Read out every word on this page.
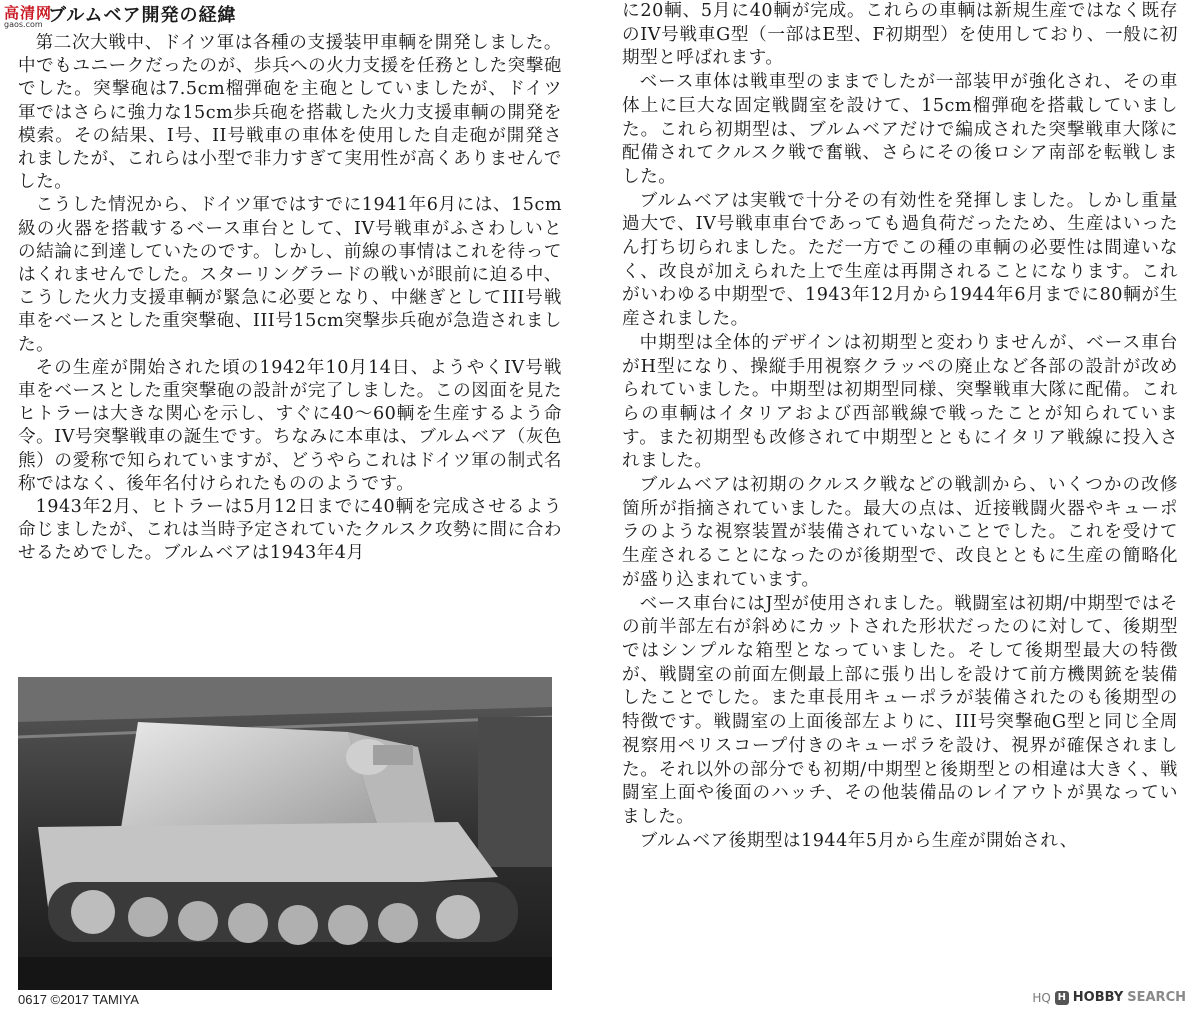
高清网
gaos.com ブルムベア開発の経緯

第二次大戦中、ドイツ軍は各種の支援装甲車輌を開発しました。中でもユニークだったのが、歩兵への火力支援を任務とした突撃砲でした。突撃砲は7.5cm榴弾砲を主砲としていましたが、ドイツ軍ではさらに強力な15cm歩兵砲を搭載した火力支援車輌の開発を模索。その結果、I号、II号戦車の車体を使用した自走砲が開発されましたが、これらは小型で非力すぎて実用性が高くありませんでした。

こうした情況から、ドイツ軍ではすでに1941年6月には、15cm級の火器を搭載するベース車台として、IV号戦車がふさわしいとの結論に到達していたのです。しかし、前線の事情はこれを待ってはくれませんでした。スターリングラードの戦いが眼前に迫る中、こうした火力支援車輌が緊急に必要となり、中継ぎとしてIII号戦車をベースとした重突撃砲、III号15cm突撃歩兵砲が急造されました。

その生産が開始された頃の1942年10月14日、ようやくIV号戦車をベースとした重突撃砲の設計が完了しました。この図面を見たヒトラーは大きな関心を示し、すぐに40～60輌を生産するよう命令。IV号突撃戦車の誕生です。ちなみに本車は、ブルムベア（灰色熊）の愛称で知られていますが、どうやらこれはドイツ軍の制式名称ではなく、後年名付けられたもののようです。

1943年2月、ヒトラーは5月12日までに40輌を完成させるよう命じましたが、これは当時予定されていたクルスク攻勢に間に合わせるためでした。ブルムベアは1943年4月

に20輌、5月に40輌が完成。これらの車輌は新規生産ではなく既存のIV号戦車G型（一部はE型、F初期型）を使用しており、一般に初期型と呼ばれます。

ベース車体は戦車型のままでしたが一部装甲が強化され、その車体上に巨大な固定戦闘室を設けて、15cm榴弾砲を搭載していました。これら初期型は、ブルムベアだけで編成された突撃戦車大隊に配備されてクルスク戦で奮戦、さらにその後ロシア南部を転戦しました。

ブルムベアは実戦で十分その有効性を発揮しました。しかし重量過大で、IV号戦車車台であっても過負荷だったため、生産はいったん打ち切られました。ただ一方でこの種の車輌の必要性は間違いなく、改良が加えられた上で生産は再開されることになります。これがいわゆる中期型で、1943年12月から1944年6月までに80輌が生産されました。

中期型は全体的デザインは初期型と変わりませんが、ベース車台がH型になり、操縦手用視察クラッペの廃止など各部の設計が改められていました。中期型は初期型同様、突撃戦車大隊に配備。これらの車輌はイタリアおよび西部戦線で戦ったことが知られています。また初期型も改修されて中期型とともにイタリア戦線に投入されました。

ブルムベアは初期のクルスク戦などの戦訓から、いくつかの改修箇所が指摘されていました。最大の点は、近接戦闘火器やキューポラのような視察装置が装備されていないことでした。これを受けて生産されることになったのが後期型で、改良とともに生産の簡略化が盛り込まれています。

ベース車台にはJ型が使用されました。戦闘室は初期/中期型ではその前半部左右が斜めにカットされた形状だったのに対して、後期型ではシンプルな箱型となっていました。そして後期型最大の特徴が、戦闘室の前面左側最上部に張り出しを設けて前方機関銃を装備したことでした。また車長用キューポラが装備されたのも後期型の特徴です。戦闘室の上面後部左よりに、III号突撃砲G型と同じ全周視察用ペリスコープ付きのキューポラを設け、視界が確保されました。それ以外の部分でも初期/中期型と後期型との相違は大きく、戦闘室上面や後面のハッチ、その他装備品のレイアウトが異なっていました。

ブルムベア後期型は1944年5月から生産が開始され、

0617 ©2017 TAMIYA	HQ H HOBBY SEARCH
